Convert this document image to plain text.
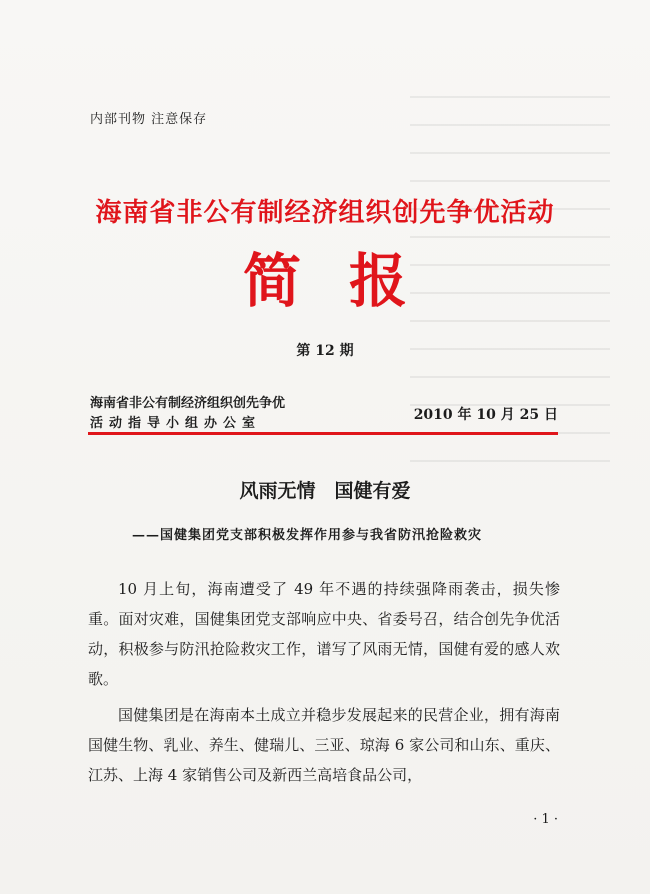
内部刊物 注意保存
海南省非公有制经济组织创先争优活动
简报
第 12 期
海南省非公有制经济组织创先争优
活动指导小组办公室
2010 年 10 月 25 日
风雨无情　国健有爱
——国健集团党支部积极发挥作用参与我省防汛抢险救灾

10 月上旬，海南遭受了 49 年不遇的持续强降雨袭击，损失惨重。面对灾难，国健集团党支部响应中央、省委号召，结合创先争优活动，积极参与防汛抢险救灾工作，谱写了风雨无情，国健有爱的感人欢歌。

国健集团是在海南本土成立并稳步发展起来的民营企业，拥有海南国健生物、乳业、养生、健瑞儿、三亚、琼海 6 家公司和山东、重庆、江苏、上海 4 家销售公司及新西兰高培食品公司，

· 1 ·
